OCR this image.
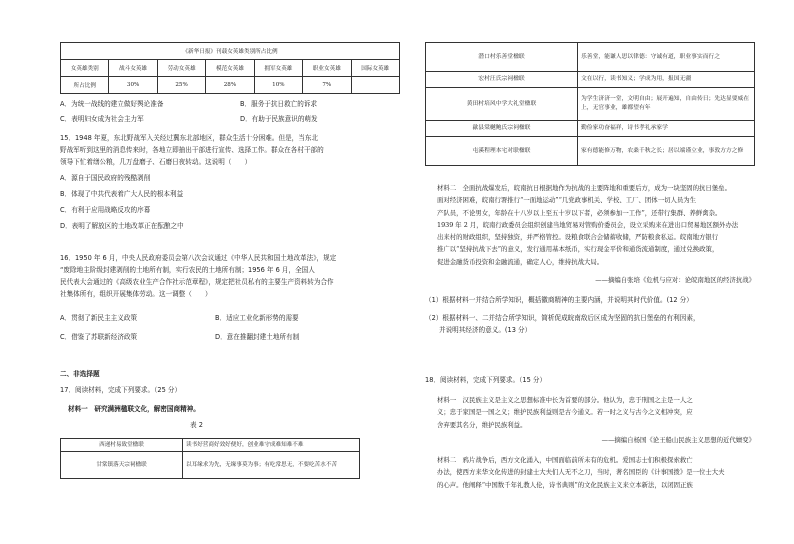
《新华日报》刊载女英雄类别所占比例						
女英雄类别	战斗女英雄	劳动女英雄	模范女英雄	拥军女英雄	职业女英雄	国际女英雄
所占比例	30%	25%	28%	10%	7%	
A．为统一战线的建立做好舆论准备	B．服务于抗日救亡的诉求
C．表明妇女成为社会主力军	D．有助于民族意识的萌发

15．1948 年夏，东北野战军入关经过冀东北部地区，群众生活十分困难。但是，当东北

野战军听到这里的消息传来时，各地立即抽出干部进行宣传、选择工作。群众在各村干部的

领导下忙着缮公粮，几万盘磨子、石磨日夜转动。这说明（　　）

A．源自于国民政府的残酷剥削

B．体现了中共代表着广大人民的根本利益

C．有利于应用战略反攻的序幕

D．表明了解放区的土地改革正在酝酿之中

16．1950 年 6 月，中央人民政府委员会第八次会议通过《中华人民共和国土地改革法》，规定

“废除地主阶级封建剥削的土地所有制，实行农民的土地所有制；1956 年 6 月，全国人

民代表大会通过的《高级农业生产合作社示范章程》，规定把社员私有的主要生产资料转为合作

社集体所有，组织开展集体劳动。这一调整（　　）

A．贯彻了新民主主义政策	B．适应工业化新形势的需要
C．借鉴了苏联新经济政策	D．意在推翻封建土地所有制
二、非选择题
17．阅读材料，完成下列要求。（25 分）
材料一　研究满洲楹联文化，解密国商精神。
表 2
西递村易致堂楹联	读书好营商好效好便好，创业难守成难知难不难
甘棠镇落天宗祠楹联	以耳缘求为先，无缘事莫为事；有吃常思无，不要吃苦水不苦
潜口村乐善堂楹联	乐善堂，能谦人思以律德：守诚有道，职业事实而行之
宏村汪氏宗祠楹联	文在以行，读书知义；学成为用，报国无疆
黄田村培风中学大礼堂楹联	为学生济济一堂，文明自由；展开遍知，自由传日；先达显要威在上，无官事业，雄都望有年
歙县棠樾鲍氏宗祠楹联	勤俭家功奋福祥，诗书孝礼承家学
屯溪程理本宅对联楹联	家有德能修万物，农桑千秋之长；居以端谨立业，事敦方方之修

材料二　全面抗战爆发后，皖南抗日根据地作为抗战的主要阵地和重要后方，成为一块坚固的抗日堡垒。

面对经济困难，皖南行署推行“一面地运动”“几党政事机关、学校、工厂、团体一切人员为生

产队员，不论男女，年龄在十八岁以上至五十岁以下者，必须参加一工作”，还带行集群、养鲜禽杂。

1939 年 2 月，皖南行政委员会组织创建当地贸易对管购价委员会，设立采购来在进出口贸易地区额外办法

出来村的财政组织，坚持独资，并严格管控。设粮食联合会储蓄收储，严防粮食私运。皖南地方银行

推广以“坚持抗战下去”的意义，发行通用基本纸币，实行现金平价和通货流通制度，通过兑换政策，

促进金融货币投资和金融流通，确定人心，维持抗战大局。

——摘编自张培《危机与应对：论皖南地区的经济抗战》
（1）根据材料一并结合所学知识，概括徽商精神的主要内涵，并说明其时代价值。(12 分）

（2）根据材料一、二并结合所学知识，简析促成皖南敌后区成为坚固的抗日堡垒的有利因素，

并说明其经济的意义。(13 分）

18．阅读材料，完成下列要求。（15 分）

材料一　汉民族主义是主义之思想标准中长为首要的部分。他认为，忠于刑国之主是一人之

义；忠于家国是一国之义；维护民族利益则是古今通义。若一时之义与古今之义相冲突，应

舍弃要其名分，维护民族利益。

——摘编自杨国《论王船山民族主义思想的近代嬗变》

材料二　鸦片战争后，西方文化涌入，中国面临前所未有的危机。爱国志士们积极探索救亡

办法，使西方来华文化传进的封建士大夫们人无不之刀，当时，著名国臣的《计事国拨》是一位士大夫

的心声。他阐释“中国数千年礼教人伦，诗书典则”的文化民族主义来立本新法，以闭固正族
